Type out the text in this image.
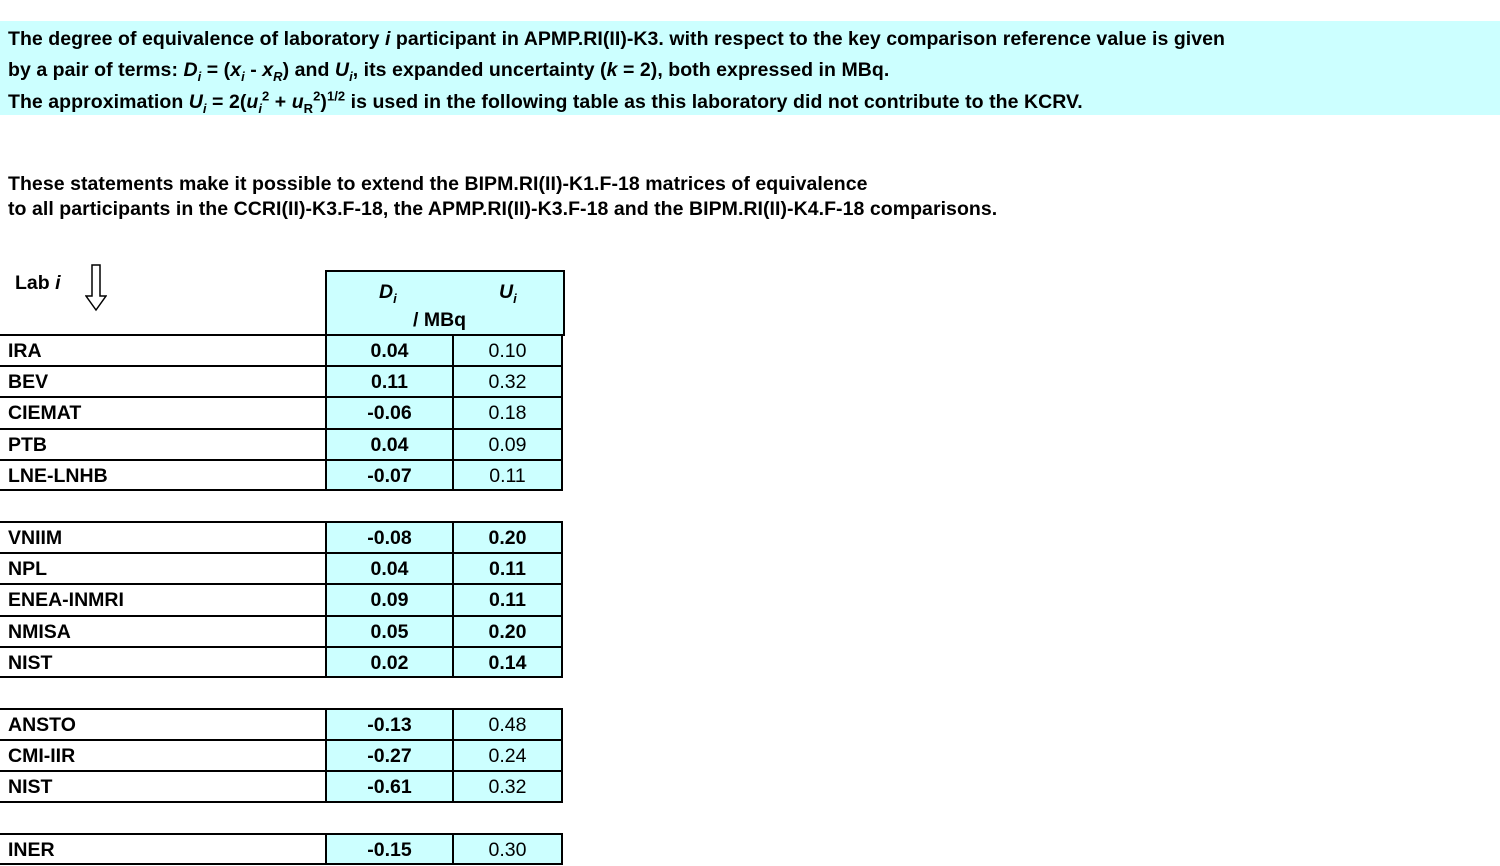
The degree of equivalence of laboratory i participant in APMP.RI(II)-K3. with respect to the key comparison reference value is given
by a pair of terms: $D_i = (x_i - x_R)$ and $U_i$, its expanded uncertainty (k = 2), both expressed in MBq.
The approximation $U_i = 2(u_i^2 + u_R^2)^{1/2}$ is used in the following table as this laboratory did not contribute to the KCRV.
These statements make it possible to extend the BIPM.RI(II)-K1.F-18 matrices of equivalence
to all participants in the CCRI(II)-K3.F-18, the APMP.RI(II)-K3.F-18 and the BIPM.RI(II)-K4.F-18 comparisons.
Lab i	$D_i$	$U_i$
/ MBq
IRA	0.04	0.10
BEV	0.11	0.32
CIEMAT	-0.06	0.18
PTB	0.04	0.09
LNE-LNHB	-0.07	0.11
VNIIM	-0.08	0.20
NPL	0.04	0.11
ENEA-INMRI	0.09	0.11
NMISA	0.05	0.20
NIST	0.02	0.14
ANSTO	-0.13	0.48
CMI-IIR	-0.27	0.24
NIST	-0.61	0.32
INER	-0.15	0.30
